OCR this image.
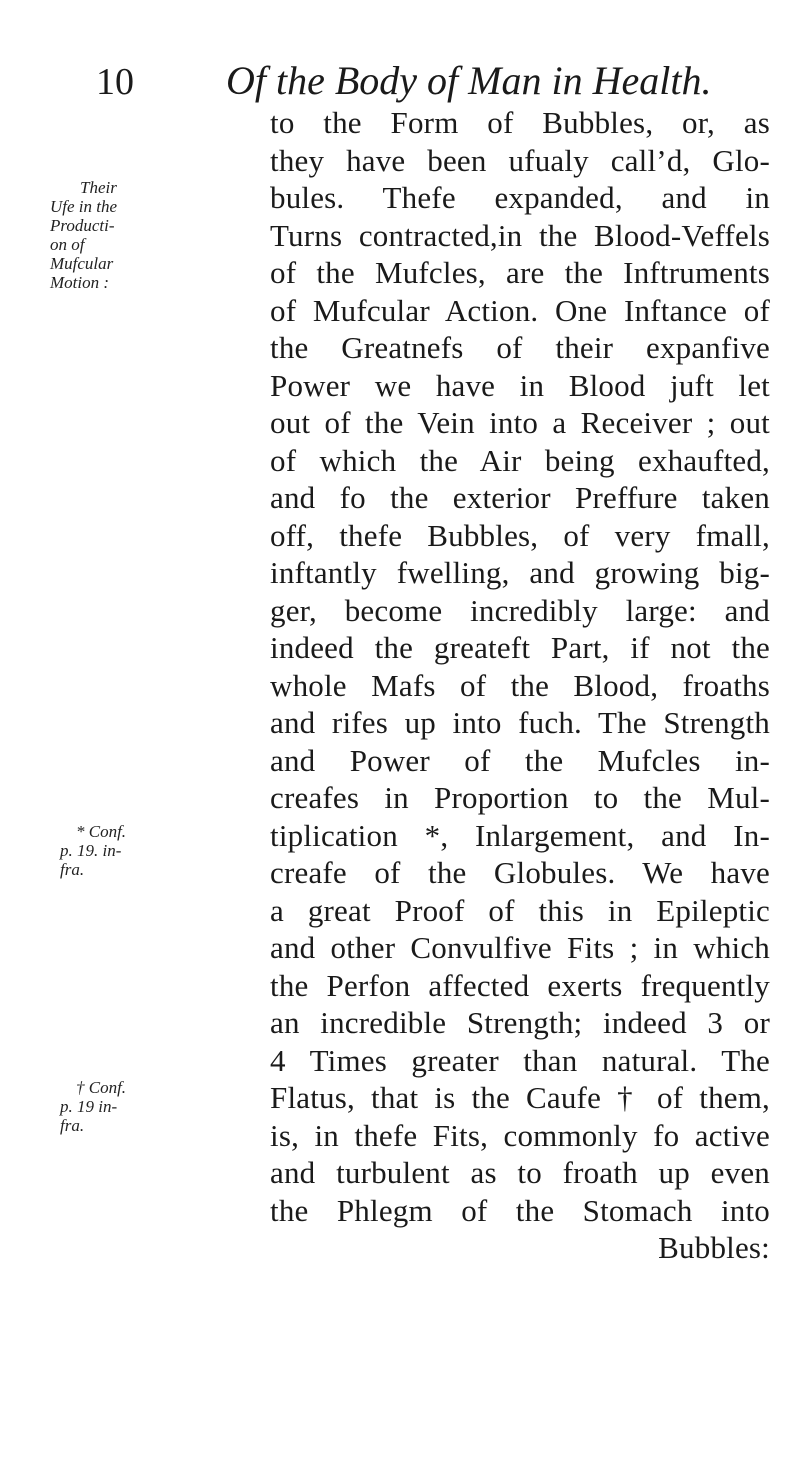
10 Of the Body of Man in Health.
Their
Ufe in the
Producti-
on of
Mufcular
Motion :
* Conf.
p. 19. in-
fra.
† Conf.
p. 19 in-
fra.
to the Form of Bubbles, or, as
they have been ufualy call’d, Glo-
bules. Thefe expanded, and in
Turns contracted,in the Blood-Veffels
of the Mufcles, are the Inftruments
of Mufcular Action. One Inftance of
the Greatnefs of their expanfive
Power we have in Blood juft let
out of the Vein into a Receiver ; out
of which the Air being exhaufted,
and fo the exterior Preffure taken
off, thefe Bubbles, of very fmall,
inftantly fwelling, and growing big-
ger, become incredibly large: and
indeed the greateft Part, if not the
whole Mafs of the Blood, froaths
and rifes up into fuch. The Strength
and Power of the Mufcles in-
creafes in Proportion to the Mul-
tiplication *, Inlargement, and In-
creafe of the Globules. We have
a great Proof of this in Epileptic
and other Convulfive Fits ; in which
the Perfon affected exerts frequently
an incredible Strength; indeed 3 or
4 Times greater than natural. The
Flatus, that is the Caufe † of them,
is, in thefe Fits, commonly fo active
and turbulent as to froath up even
the Phlegm of the Stomach into
Bubbles:
